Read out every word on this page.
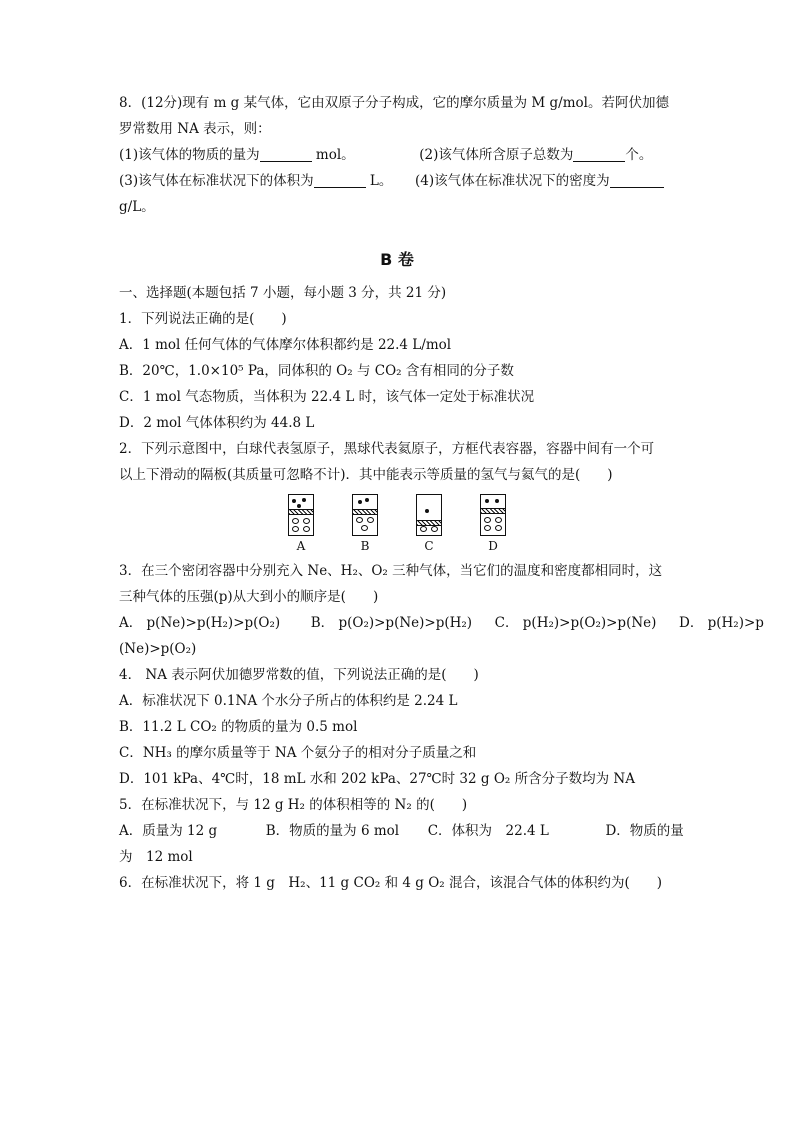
8．(12分)现有 m g 某气体，它由双原子分子构成，它的摩尔质量为 M g/mol。若阿伏加德
罗常数用 NA 表示，则：
(1)该气体的物质的量为	mol。	(2)该气体所含原子总数为	个。
(3)该气体在标准状况下的体积为	L。 (4)该气体在标准状况下的密度为
g/L。
B 卷
一、选择题(本题包括 7 小题，每小题 3 分，共 21 分)
1．下列说法正确的是(　　)
A．1 mol 任何气体的气体摩尔体积都约是 22.4 L/mol
B．20℃，1.0×10⁵ Pa，同体积的 O₂ 与 CO₂ 含有相同的分子数
C．1 mol 气态物质，当体积为 22.4 L 时，该气体一定处于标准状况
D．2 mol 气体体积约为 44.8 L
2．下列示意图中，白球代表氢原子，黑球代表氦原子，方框代表容器，容器中间有一个可
以上下滑动的隔板(其质量可忽略不计)．其中能表示等质量的氢气与氦气的是(　　)
A	B	C	D
3．在三个密闭容器中分别充入 Ne、H₂、O₂ 三种气体，当它们的温度和密度都相同时，这
三种气体的压强(p)从大到小的顺序是(　　)
A． p(Ne)>p(H₂)>p(O₂) B． p(O₂)>p(Ne)>p(H₂) C． p(H₂)>p(O₂)>p(Ne) D． p(H₂)>p
(Ne)>p(O₂)
4． NA 表示阿伏加德罗常数的值，下列说法正确的是(　　)
A．标准状况下 0.1NA 个水分子所占的体积约是 2.24 L
B．11.2 L CO₂ 的物质的量为 0.5 mol
C．NH₃ 的摩尔质量等于 NA 个氨分子的相对分子质量之和
D．101 kPa、4℃时，18 mL 水和 202 kPa、27℃时 32 g O₂ 所含分子数均为 NA
5．在标准状况下，与 12 g H₂ 的体积相等的 N₂ 的(　　)
A．质量为 12 g	B．物质的量为 6 mol C．体积为　22.4 L	D．物质的量
为　12 mol
6．在标准状况下，将 1 g　H₂、11 g CO₂ 和 4 g O₂ 混合，该混合气体的体积约为(　　)
